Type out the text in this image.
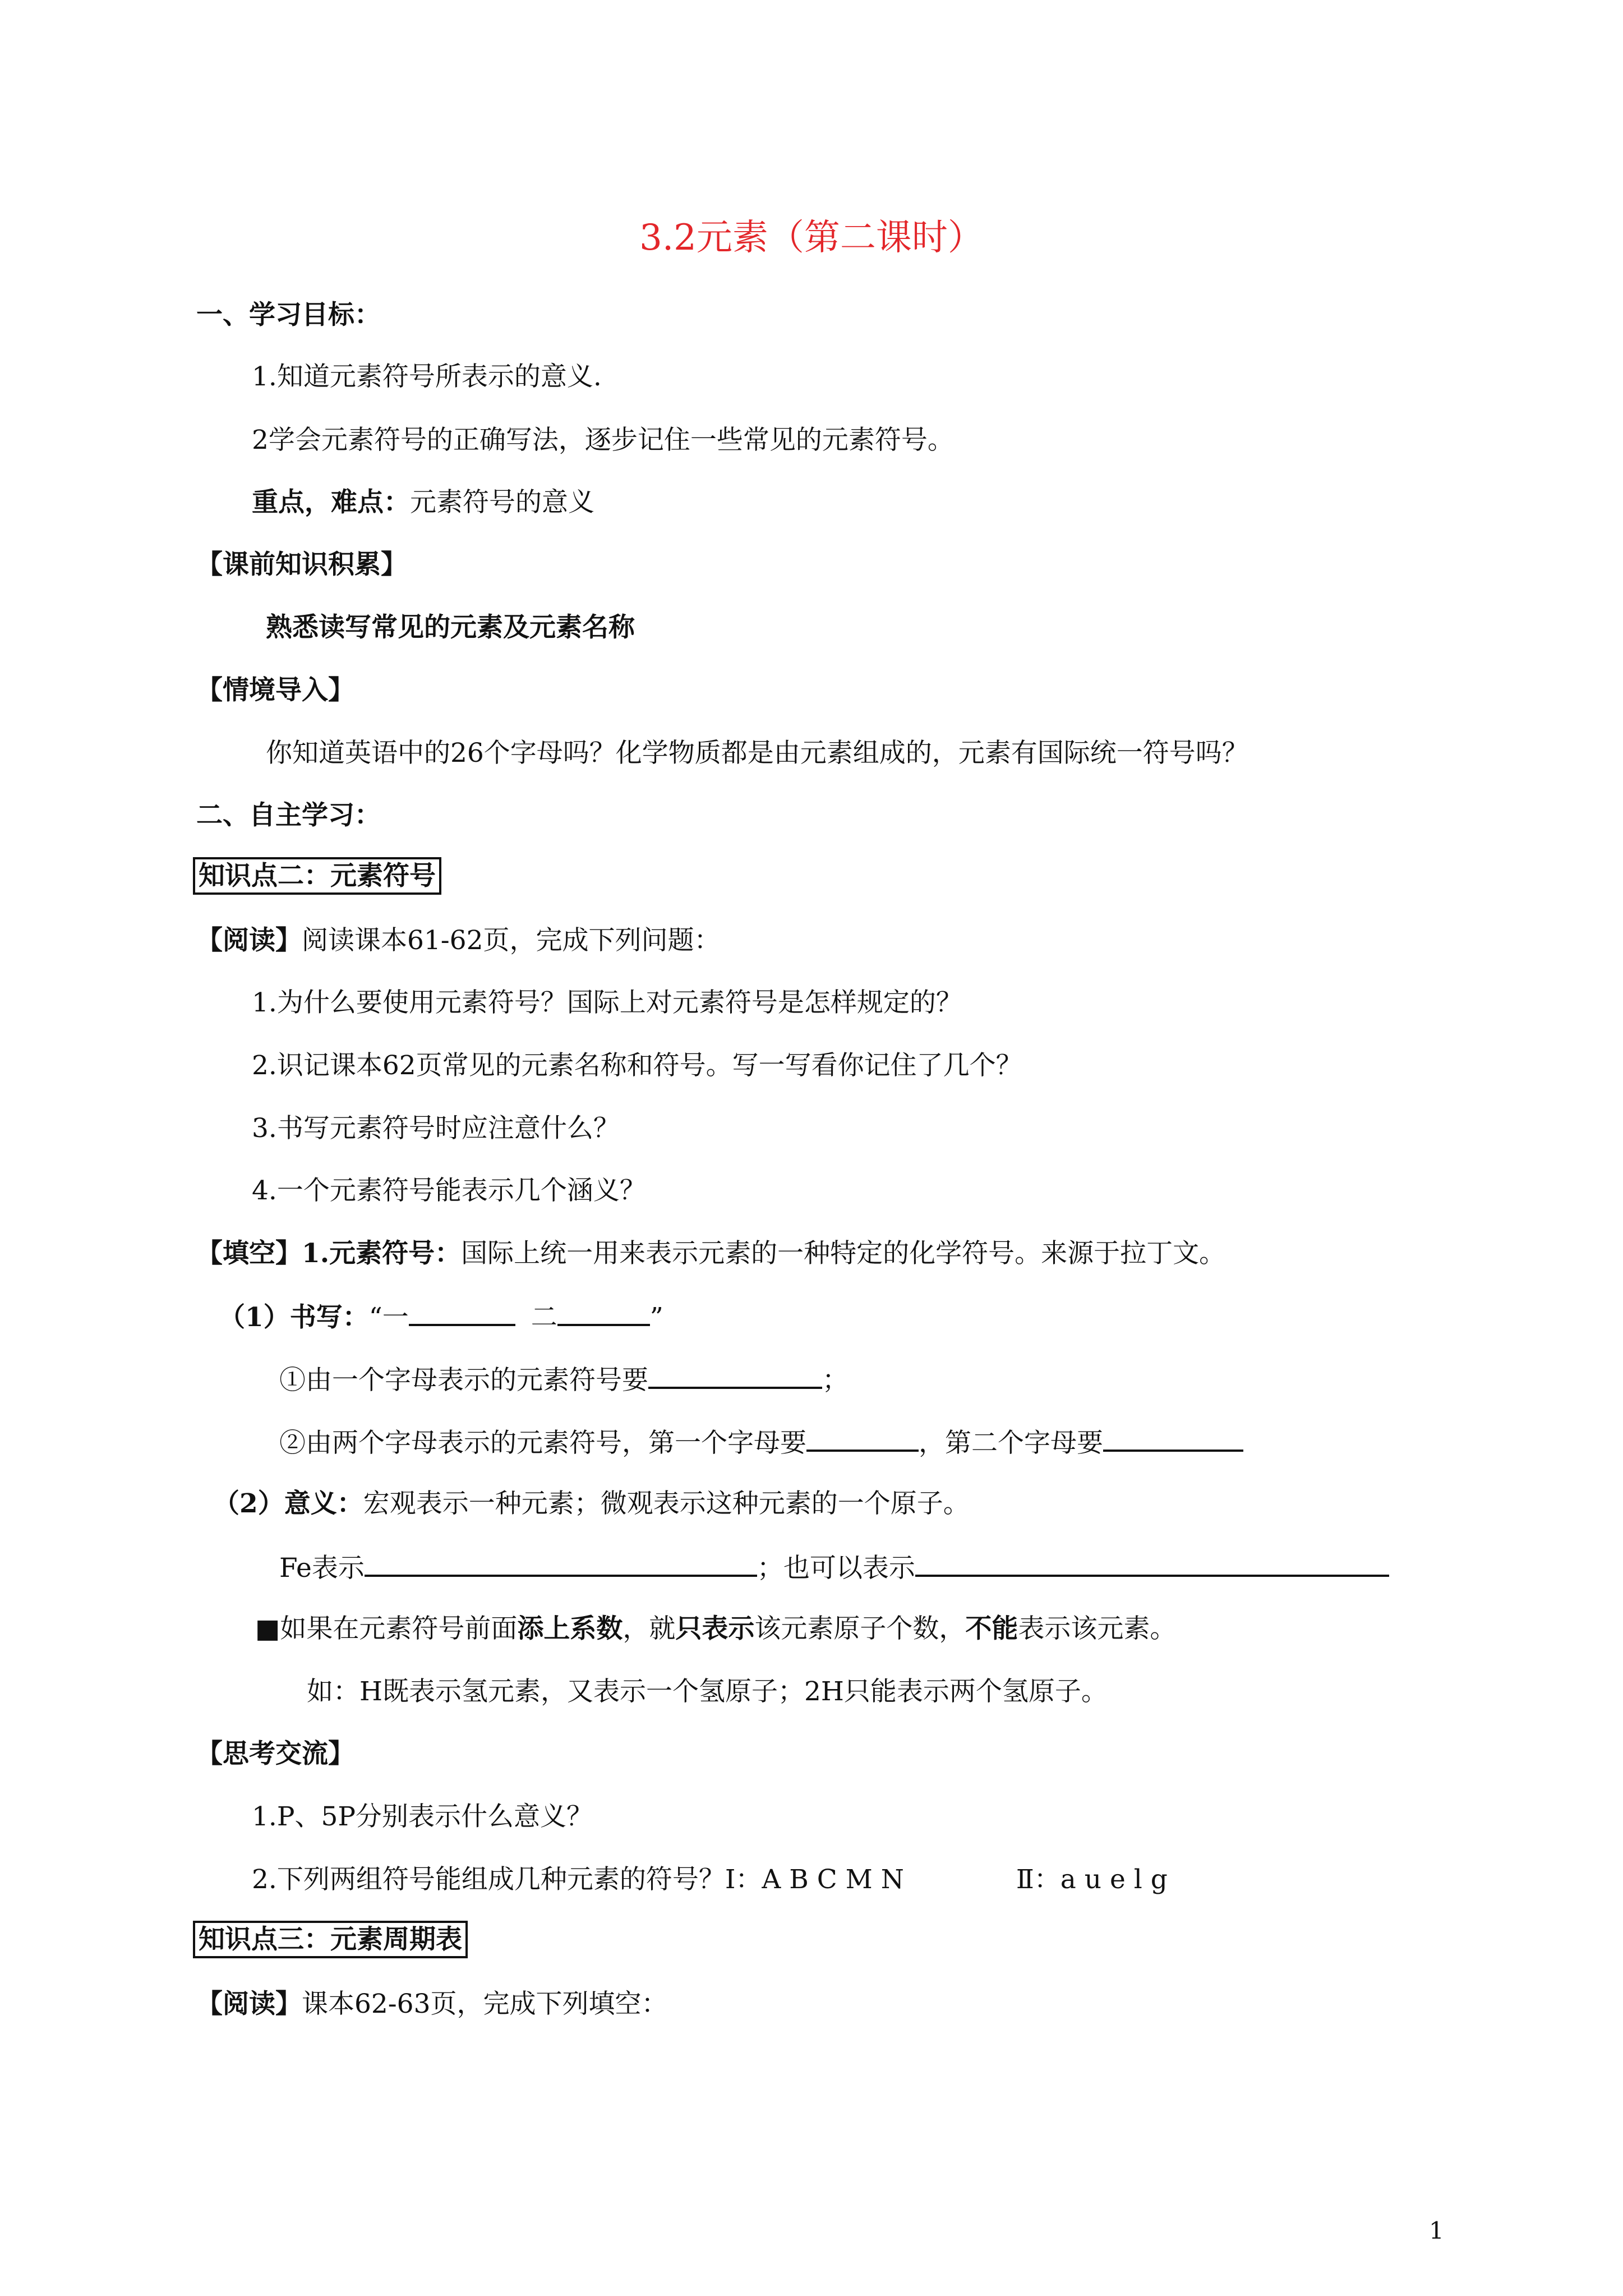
3.2元素（第二课时）
一、学习目标：
1.知道元素符号所表示的意义.
2学会元素符号的正确写法，逐步记住一些常见的元素符号。
重点，难点：元素符号的意义
【课前知识积累】
熟悉读写常见的元素及元素名称
【情境导入】
你知道英语中的26个字母吗？化学物质都是由元素组成的，元素有国际统一符号吗？
二、自主学习：
知识点二：元素符号
【阅读】阅读课本61-62页，完成下列问题：
1.为什么要使用元素符号？国际上对元素符号是怎样规定的？
2.识记课本62页常见的元素名称和符号。写一写看你记住了几个？
3.书写元素符号时应注意什么？
4.一个元素符号能表示几个涵义？
【填空】1.元素符号：国际上统一用来表示元素的一种特定的化学符号。来源于拉丁文。
（1）书写：“一	二	”
①由一个字母表示的元素符号要	；
②由两个字母表示的元素符号，第一个字母要	，第二个字母要
（2）意义：宏观表示一种元素；微观表示这种元素的一个原子。
Fe表示	；也可以表示
■如果在元素符号前面添上系数，就只表示该元素原子个数，不能表示该元素。
如：H既表示氢元素，又表示一个氢原子；2H只能表示两个氢原子。
【思考交流】
1.P、5P分别表示什么意义？
2.下列两组符号能组成几种元素的符号？Ⅰ：A B C M N	Ⅱ：a u e l g
知识点三：元素周期表
【阅读】课本62-63页，完成下列填空：
1
